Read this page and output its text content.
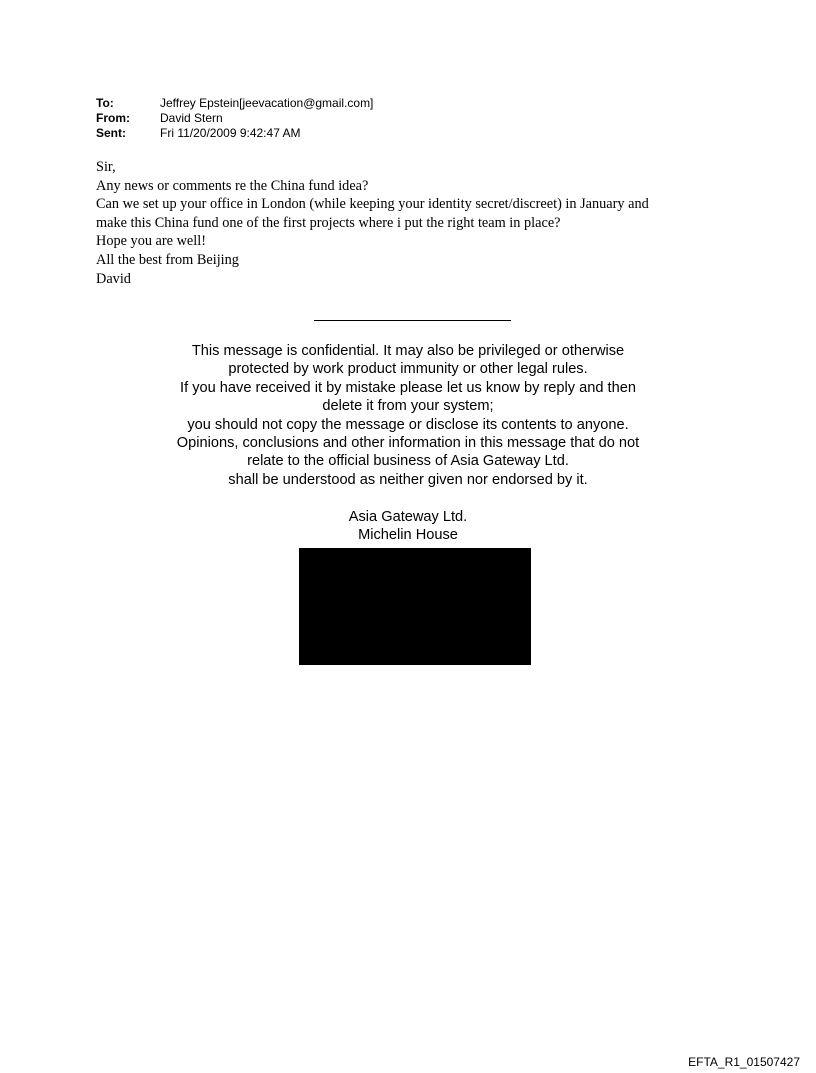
To:	Jeffrey Epstein[jeevacation@gmail.com]
From:	David Stern
Sent:	Fri 11/20/2009 9:42:47 AM
Sir,
Any news or comments re the China fund idea?
Can we set up your office in London (while keeping your identity secret/discreet) in January and
make this China fund one of the first projects where i put the right team in place?
Hope you are well!
All the best from Beijing
David
This message is confidential. It may also be privileged or otherwise
protected by work product immunity or other legal rules.
If you have received it by mistake please let us know by reply and then
delete it from your system;
you should not copy the message or disclose its contents to anyone.
Opinions, conclusions and other information in this message that do not
relate to the official business of Asia Gateway Ltd.
shall be understood as neither given nor endorsed by it.
Asia Gateway Ltd.
Michelin House
EFTA_R1_01507427
